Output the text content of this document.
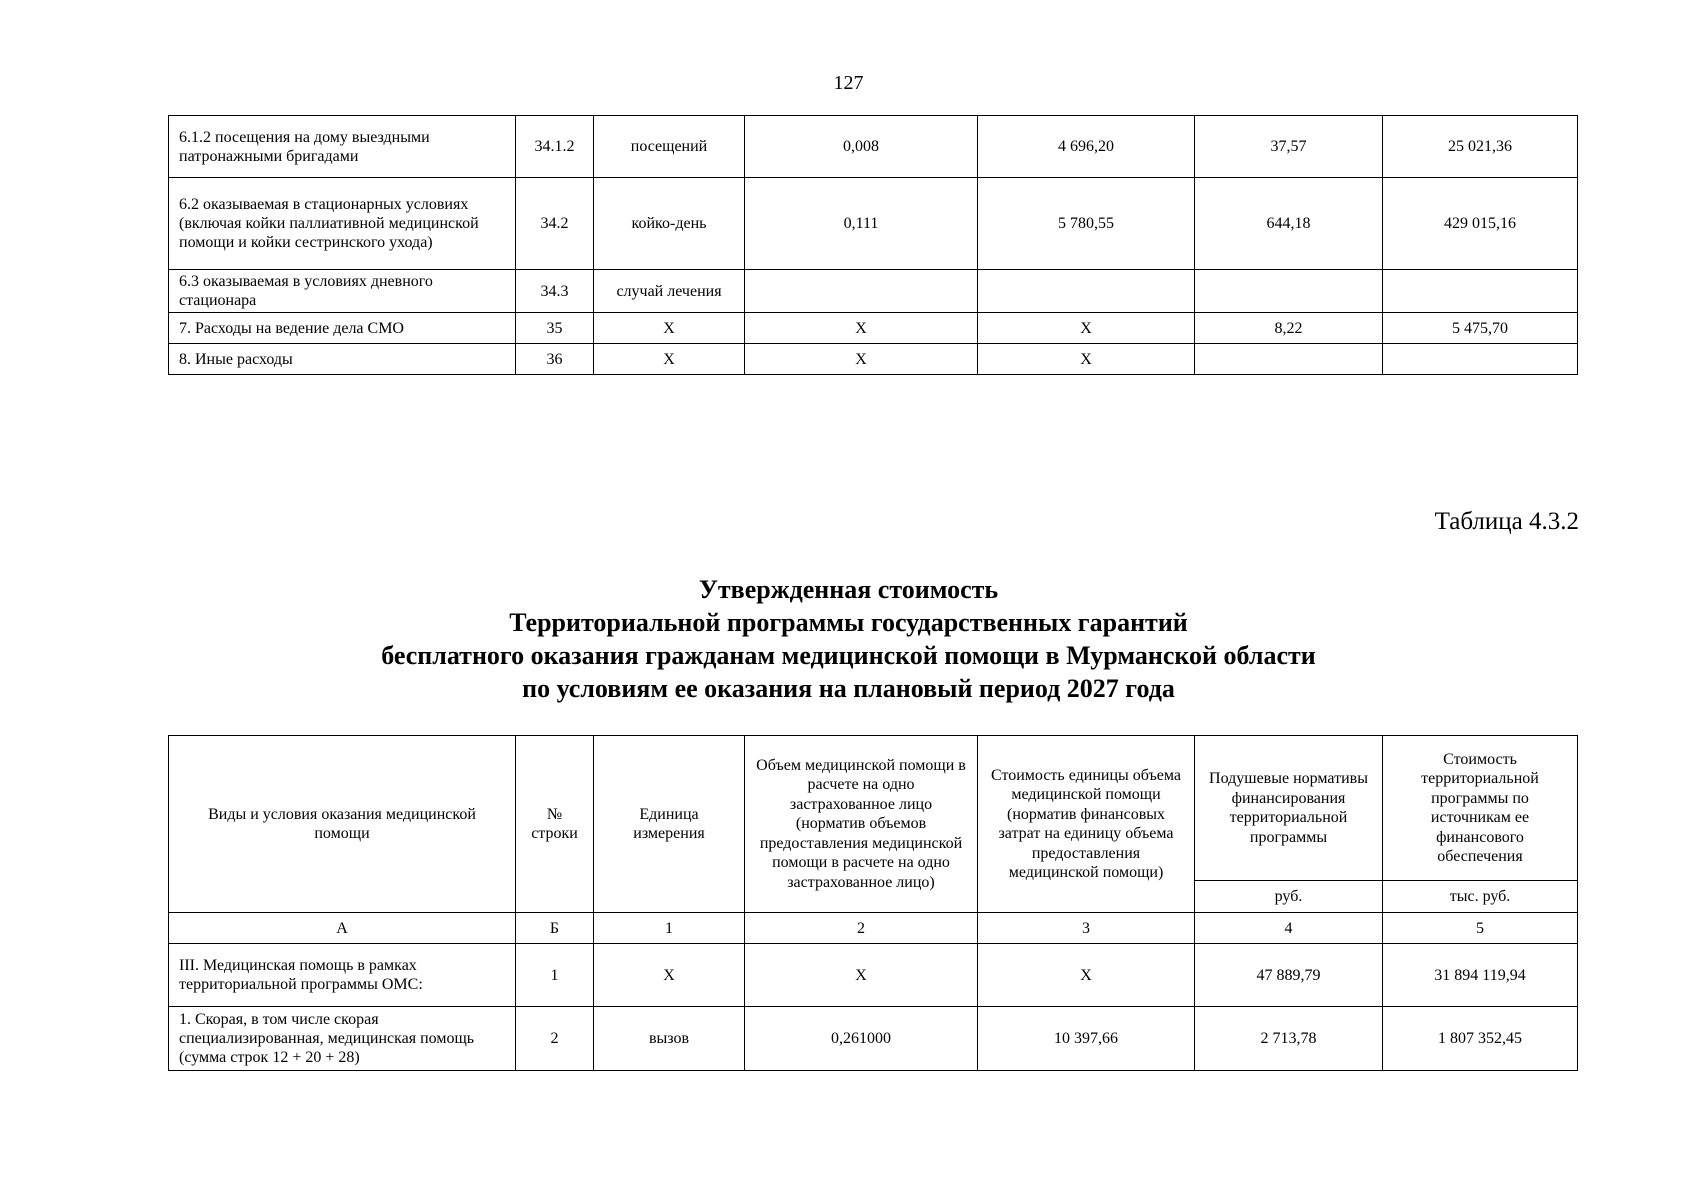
127
6.1.2 посещения на дому выездными патронажными бригадами	34.1.2	посещений	0,008	4 696,20	37,57	25 021,36
6.2 оказываемая в стационарных условиях (включая койки паллиативной медицинской помощи и койки сестринского ухода)	34.2	койко-день	0,111	5 780,55	644,18	429 015,16
6.3 оказываемая в условиях дневного стационара	34.3	случай лечения				
7. Расходы на ведение дела СМО	35	X	X	X	8,22	5 475,70
8. Иные расходы	36	X	X	X		
Таблица 4.3.2
Утвержденная стоимость
Территориальной программы государственных гарантий
бесплатного оказания гражданам медицинской помощи в Мурманской области
по условиям ее оказания на плановый период 2027 года
Виды и условия оказания медицинской помощи	№ строки	Единица измерения	Объем медицинской помощи в расчете на одно застрахованное лицо (норматив объемов предоставления медицинской помощи в расчете на одно застрахованное лицо)	Стоимость единицы объема медицинской помощи (норматив финансовых затрат на единицу объема предоставления медицинской помощи)	Подушевые нормативы финансирования территориальной программы	Стоимость территориальной программы по источникам ее финансового обеспечения
					руб.	тыс. руб.
А	Б	1	2	3	4	5
III. Медицинская помощь в рамках территориальной программы ОМС:	1	X	X	X	47 889,79	31 894 119,94
1. Скорая, в том числе скорая специализированная, медицинская помощь (сумма строк 12 + 20 + 28)	2	вызов	0,261000	10 397,66	2 713,78	1 807 352,45
